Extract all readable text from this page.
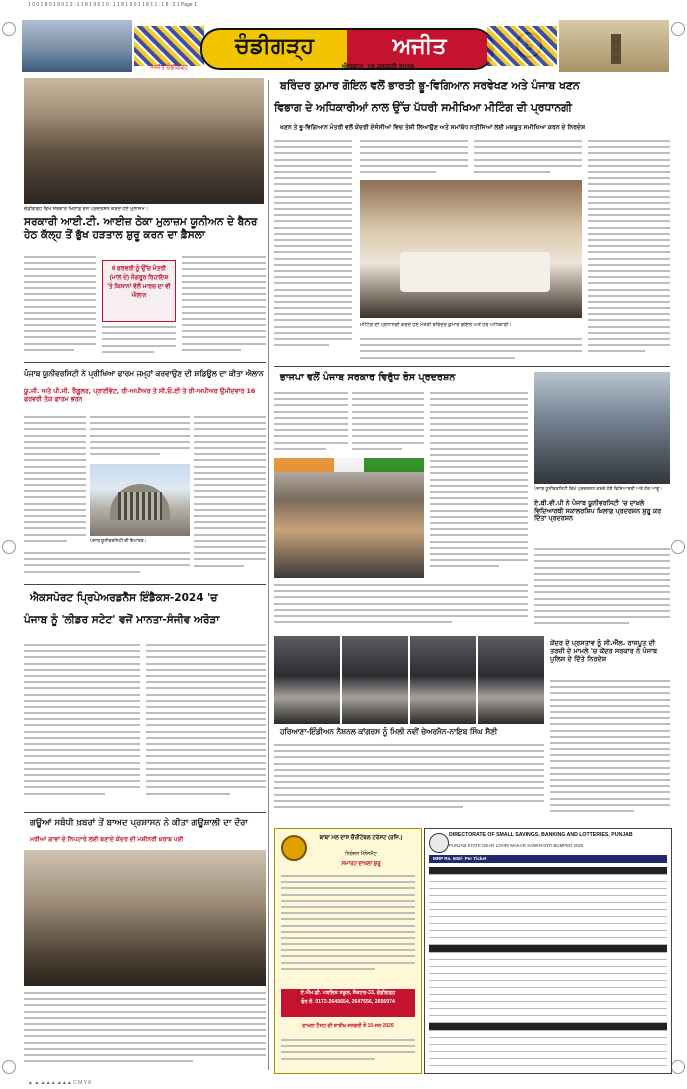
1 0 0 1 8 0 1 8 0 1 2 : 1 1 8 1 9 0 1 0 : 1 1 8 1 9 0 1 1 8 1 1 : 1 8 : 2 1 Page 1
ਚੰਡੀਗੜ੍ਹ	ਅਜੀਤ
ਅਜੀਤ ਚੰਡੀਗੜ੍ਹ	ਐਤਵਾਰ, 18 ਜਨਵਰੀ 2026
ਚੰਡੀਗੜ੍ਹ ਵਿਖੇ ਸਰਕਾਰ ਖ਼ਿਲਾਫ਼ ਰੋਸ ਪ੍ਰਦਰਸ਼ਨ ਕਰਦੇ ਹੋਏ ਮੁਲਾਜ਼ਮ।
ਸਰਕਾਰੀ ਆਈ.ਟੀ. ਆਈਜ਼ ਠੇਕਾ ਮੁਲਾਜ਼ਮ ਯੂਨੀਅਨ ਦੇ ਬੈਨਰ ਹੇਠ ਕੱਲ੍ਹ ਤੋਂ ਭੁੱਖ ਹੜਤਾਲ ਸ਼ੁਰੂ ਕਰਨ ਦਾ ਫ਼ੈਸਲਾ
6 ਫਰਵਰੀ ਨੂੰ ਉੱਚ ਮੰਤਰੀ (ਮਾਲ ਦੇ) ਸੰਗਰੂਰ ਰਿਹਾਇਸ਼ 'ਤੇ ਕਿਸਾਨਾਂ ਵੱਲੋਂ ਮਾਰਚ ਦਾ ਵੀ ਐਲਾਨ
ਪੰਜਾਬ ਯੂਨੀਵਰਸਿਟੀ ਨੇ ਪ੍ਰੀਖਿਆ ਫਾਰਮ ਜਮ੍ਹਾਂ ਕਰਵਾਉਣ ਦੀ ਸ਼ਡਿਊਲ ਦਾ ਕੀਤਾ ਐਲਾਨ
ਯੂ.ਜੀ. ਅਤੇ ਪੀ.ਜੀ. ਰੈਗੂਲਰ, ਪ੍ਰਾਈਵੇਟ, ਰੀ-ਅਪੀਅਰ ਤੇ ਸੀ.ਓ.ਈ ਤੇ ਰੀ-ਅਪੀਅਰ ਉਮੀਦਵਾਰ 16 ਫਰਵਰੀ ਤੱਕ ਫਾਰਮ ਭਰਨ
ਪੰਜਾਬ ਯੂਨੀਵਰਸਿਟੀ ਦੀ ਇਮਾਰਤ।
ਐਕਸਪੋਰਟ ਪ੍ਰਿਪੇਅਰਡਨੈੱਸ ਇੰਡੈਕਸ-2024 'ਚ
ਪੰਜਾਬ ਨੂੰ 'ਲੀਡਰ ਸਟੇਟ' ਵਜੋਂ ਮਾਨਤਾ-ਸੰਜੀਵ ਅਰੋੜਾ
ਗਊਆਂ ਸਬੰਧੀ ਖ਼ਬਰਾਂ ਤੋਂ ਬਾਅਦ ਪ੍ਰਸ਼ਾਸਨ ਨੇ ਕੀਤਾ ਗਊਸ਼ਾਲੀ ਦਾ ਦੌਰਾ
ਮਰੀਆਂ ਗਾਵਾਂ ਦੇ ਨਿਪਟਾਰੇ ਲਈ ਬਣਾਏ ਕੇਂਦਰ ਦੀ ਮਸ਼ੀਨਰੀ ਖ਼ਰਾਬ ਪਈ
ਬਰਿੰਦਰ ਕੁਮਾਰ ਗੋਇਲ ਵਲੋਂ ਭਾਰਤੀ ਭੂ-ਵਿਗਿਆਨ ਸਰਵੇਖਣ ਅਤੇ ਪੰਜਾਬ ਖਣਨ
ਵਿਭਾਗ ਦੇ ਅਧਿਕਾਰੀਆਂ ਨਾਲ ਉੱਚ ਪੱਧਰੀ ਸਮੀਖਿਆ ਮੀਟਿੰਗ ਦੀ ਪ੍ਰਧਾਨਗੀ
ਖਣਨ ਤੇ ਭੂ-ਵਿਗਿਆਨ ਮੰਤਰੀ ਵਲੋਂ ਕੇਂਦਰੀ ਏਜੰਸੀਆਂ ਵਿਚ ਤੇਜ਼ੀ ਲਿਆਉਣ ਅਤੇ ਸਮਾਂਬੱਧ ਨਤੀਜਿਆਂ ਲਈ ਮਜ਼ਬੂਤ ਸਮੀਖਿਆ ਕਰਨ ਦੇ ਨਿਰਦੇਸ਼
ਮੀਟਿੰਗ ਦੀ ਪ੍ਰਧਾਨਗੀ ਕਰਦੇ ਹੋਏ ਮੰਤਰੀ ਬਰਿੰਦਰ ਕੁਮਾਰ ਗੋਇਲ ਅਤੇ ਹੋਰ ਅਧਿਕਾਰੀ।
ਭਾਜਪਾ ਵਲੋਂ ਪੰਜਾਬ ਸਰਕਾਰ ਵਿਰੁੱਧ ਰੋਸ ਪ੍ਰਦਰਸ਼ਨ
ਪੰਜਾਬ ਯੂਨੀਵਰਸਿਟੀ ਵਿਖੇ ਪ੍ਰਦਰਸ਼ਨ ਕਰਦੇ ਹੋਏ ਵਿਦਿਆਰਥੀ ਅਤੇ ਹੋਰ ਆਗੂ।
ਏ.ਬੀ.ਵੀ.ਪੀ ਨੇ ਪੰਜਾਬ ਯੂਨੀਵਰਸਿਟੀ 'ਚ ਦਾਖ਼ਲੇ ਵਿਦਿਆਰਥੀ ਸਕਾਲਰਸ਼ਿਪ ਖ਼ਿਲਾਫ਼ ਪ੍ਰਦਰਸ਼ਨ ਸ਼ੁਰੂ ਕਰ ਦਿੱਤਾ ਪ੍ਰਦਰਸ਼ਨ
ਹਰਿਆਣਾ-ਇੰਡੀਅਨ ਨੈਸ਼ਨਲ ਕਾਂਗਰਸ ਨੂੰ ਮਿਲੀ ਨਵੀਂ ਚੇਅਰਮੈਨ-ਨਾਇਬ ਸਿੰਘ ਸੈਣੀ
ਕੇਂਦਰ ਦੇ ਪ੍ਰਸਤਾਵ ਨੂੰ ਸੀ.ਐੱਲ. ਰਾਜਪੂਤ ਦੀ ਤਰਜ਼ੀ ਦੇ ਮਾਮਲੇ 'ਚ ਕੇਂਦਰ ਸਰਕਾਰ ਨੇ ਪੰਜਾਬ ਪੁਲਿਸ ਦੇ ਦਿੱਤੇ ਨਿਰਦੇਸ਼
ਬਾਬਾ ਮਲ ਦਾਸ ਚੈਰੀਟੇਬਲ ਟਰੱਸਟ (ਰਜਿ.)
ਨਿਰੰਜਨ ਮੈਨੇਜਮੈਂਟ
ਸਮਾਰਟ ਦਾਖਲਾ ਸ਼ੁਰੂ
ਏ.ਐੱਮ.ਡੀ. ਪਬਲਿਕ ਸਕੂਲ, ਸੈਕਟਰ-33, ਚੰਡੀਗੜ੍ਹ
ਫੋਨ ਨੰ. 0172-2645654, 2647556, 2656974
ਦਾਖਲਾ ਟੈਸਟ ਦੀ ਤਾਰੀਖ਼ ਜਨਵਰੀ ਤੋਂ 10-ਜਨ 2026
DIRECTORATE OF SMALL SAVINGS, BANKING AND LOTTERIES, PUNJAB
PUNJAB STATE DEAR LOHRI MAKAR SANKRANTI BUMPER 2026
MRP Rs. 500/- Per Ticket
▲ ▲ ▲▲▲ ▲▲▲ C M Y K
